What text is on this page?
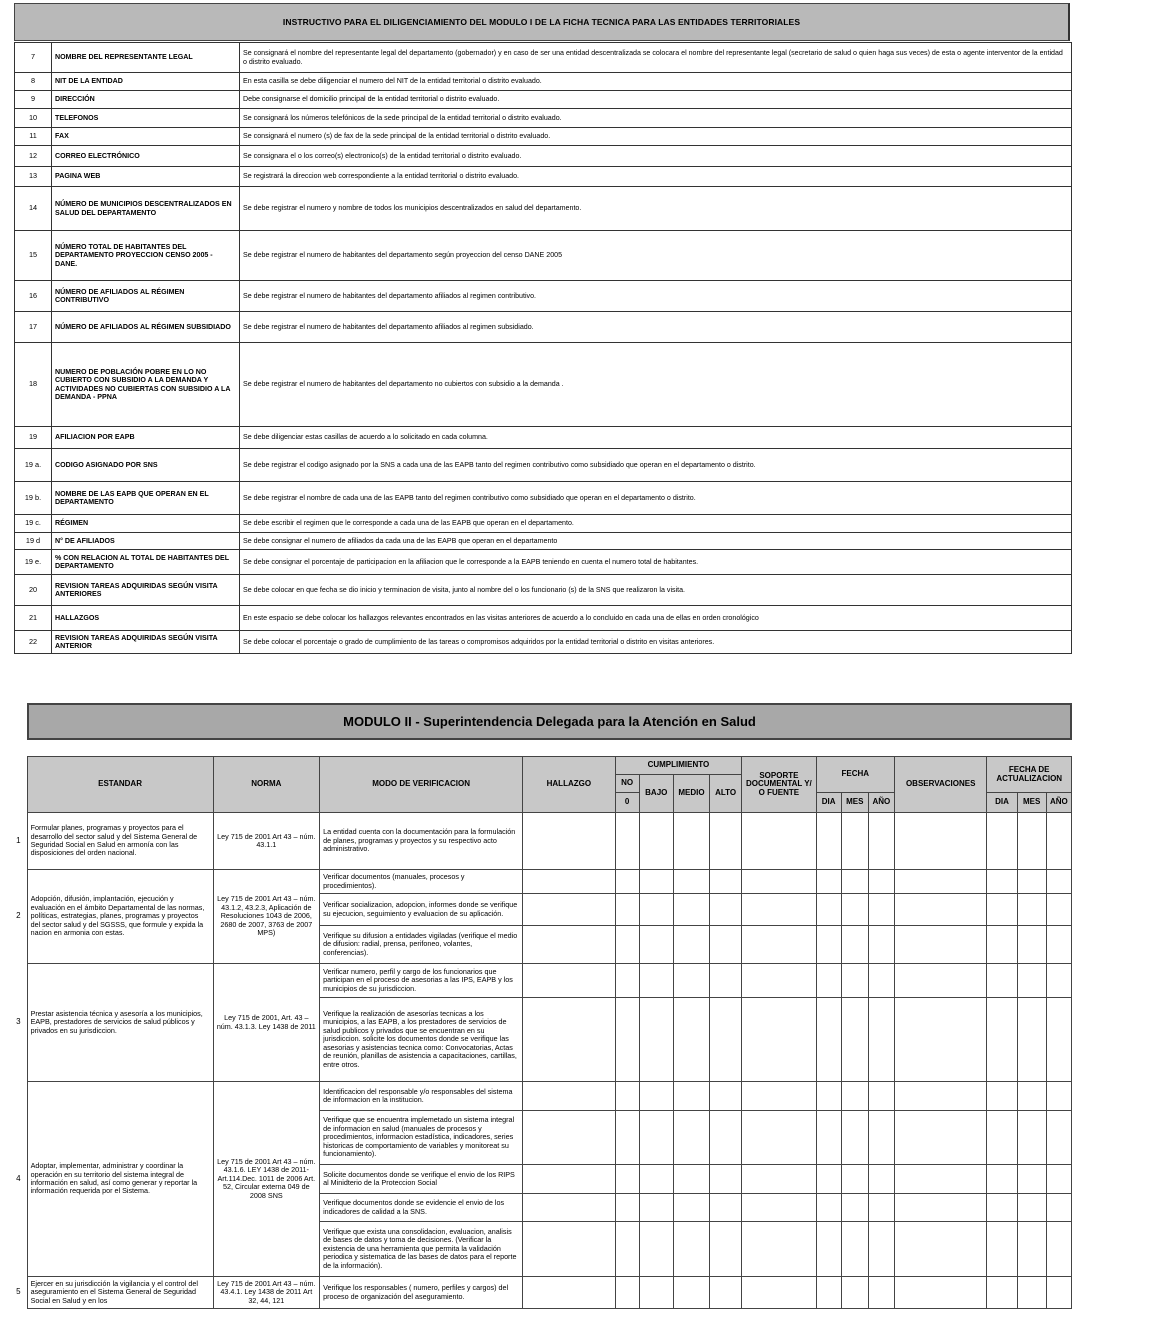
INSTRUCTIVO PARA EL DILIGENCIAMIENTO DEL MODULO I DE LA FICHA TECNICA PARA LAS ENTIDADES TERRITORIALES
7	NOMBRE DEL REPRESENTANTE LEGAL	Se consignará el nombre del representante legal del departamento (gobernador) y en caso de ser una entidad descentralizada se colocara el nombre del representante legal (secretario de salud o quien haga sus veces) de esta o agente interventor de la entidad o distrito evaluado.
8	NIT DE LA ENTIDAD	En esta casilla se debe diligenciar el numero del NIT de la entidad territorial o distrito evaluado.
9	DIRECCIÓN	Debe consignarse el domicilio principal de la entidad territorial o distrito evaluado.
10	TELEFONOS	Se consignará los números telefónicos de la sede principal de la entidad territorial o distrito evaluado.
11	FAX	Se consignará el numero (s) de fax de la sede principal de la entidad territorial o distrito evaluado.
12	CORREO ELECTRÓNICO	Se consignara el o los correo(s) electronico(s) de la entidad territorial o distrito evaluado.
13	PAGINA WEB	Se registrará la direccion web correspondiente a la entidad territorial o distrito evaluado.
14	NÚMERO DE MUNICIPIOS DESCENTRALIZADOS EN SALUD DEL DEPARTAMENTO	Se debe registrar el numero y nombre de todos los municipios descentralizados en salud del departamento.
15	NÚMERO TOTAL DE HABITANTES DEL DEPARTAMENTO PROYECCION CENSO 2005 - DANE.	Se debe registrar el numero de habitantes del departamento según proyeccion del censo DANE 2005
16	NÚMERO DE AFILIADOS AL RÉGIMEN CONTRIBUTIVO	Se debe registrar el numero de habitantes del departamento afiliados al regimen contributivo.
17	NÚMERO DE AFILIADOS AL RÉGIMEN SUBSIDIADO	Se debe registrar el numero de habitantes del departamento afiliados al regimen subsidiado.
18	NUMERO DE POBLACIÓN POBRE EN LO NO CUBIERTO CON SUBSIDIO A LA DEMANDA Y ACTIVIDADES NO CUBIERTAS CON SUBSIDIO A LA DEMANDA - PPNA	Se debe registrar el numero de habitantes del departamento no cubiertos con subsidio a la demanda .
19	AFILIACION POR EAPB	Se debe diligenciar estas casillas de acuerdo a lo solicitado en cada columna.
19 a.	CODIGO ASIGNADO POR SNS	Se debe registrar el codigo asignado por la SNS a cada una de las EAPB tanto del regimen contributivo como subsidiado que operan en el departamento o distrito.
19 b.	NOMBRE DE LAS EAPB QUE OPERAN EN EL DEPARTAMENTO	Se debe registrar el nombre de cada una de las EAPB tanto del regimen contributivo como subsidiado que operan en el departamento o distrito.
19 c.	RÉGIMEN	Se debe escribir el regimen que le corresponde a cada una de las EAPB que operan en el departamento.
19 d	N° DE AFILIADOS	Se debe consignar el numero de afiliados da cada una de las EAPB que operan en el departamento
19 e.	% CON RELACION AL TOTAL DE HABITANTES DEL DEPARTAMENTO	Se debe consignar el porcentaje de participacion en la afiliacion que le corresponde a la EAPB teniendo en cuenta el numero total de habitantes.
20	REVISION TAREAS ADQUIRIDAS SEGÚN VISITA ANTERIORES	Se debe colocar en que fecha se dio inicio y terminacion de visita, junto al nombre del o los funcionario (s) de la SNS que realizaron la visita.
21	HALLAZGOS	En este espacio se debe colocar los hallazgos relevantes encontrados en las visitas anteriores de acuerdo a lo concluido en cada una de ellas en orden cronológico
22	REVISION TAREAS ADQUIRIDAS SEGÚN VISITA ANTERIOR	Se debe colocar el porcentaje o grado de cumplimiento de las tareas o compromisos adquiridos por la entidad territorial o distrito en visitas anteriores.
MODULO II - Superintendencia Delegada para la Atención en Salud
	ESTANDAR	NORMA	MODO DE VERIFICACION	HALLAZGO	CUMPLIMIENTO				SOPORTE DOCUMENTAL Y/ O FUENTE	FECHA			OBSERVACIONES	FECHA DE ACTUALIZACION		
					NO	BAJO	MEDIO	ALTO								
					0					DIA	MES	AÑO		DIA	MES	AÑO
1	Formular planes, programas y proyectos para el desarrollo del sector salud y del Sistema General de Seguridad Social en Salud en armonía con las disposiciones del orden nacional.	Ley 715 de 2001 Art 43 – núm. 43.1.1	La entidad cuenta con la documentación para la formulación de planes, programas y proyectos y su respectivo acto administrativo.													
2	Adopción, difusión, implantación, ejecución y evaluación en el ámbito Departamental de las normas, políticas, estrategias, planes, programas y proyectos del sector salud y del SGSSS, que formule y expida la nacion en armonia con estas.	Ley 715 de 2001 Art 43 – núm. 43.1.2, 43.2.3, Aplicación de Resoluciones 1043 de 2006, 2680 de 2007, 3763 de 2007 MPS)	Verificar documentos (manuales, procesos y procedimientos).													
			Verificar socializacion, adopcion, informes donde se verifique su ejecucion, seguimiento y evaluacion de su aplicación.													
			Verifique su difusion a entidades vigiladas (verifique el medio de difusion: radial, prensa, perifoneo, volantes, conferencias).													
3	Prestar asistencia técnica y asesoría a los municipios, EAPB, prestadores de servicios de salud públicos y privados en su jurisdiccion.	Ley 715 de 2001, Art. 43 – núm. 43.1.3. Ley 1438 de 2011	Verificar numero, perfil y cargo de los funcionarios que participan en el proceso de asesorias a las IPS, EAPB y los municipios de su jurisdiccion.													
			Verifique la realización de asesorías tecnicas a los municipios, a las EAPB, a los prestadores de servicios de salud publicos y privados que se encuentran en su jurisdiccion. solicite los documentos donde se verifique las asesorias y asistencias tecnica como: Convocatorias, Actas de reunión, planillas de asistencia a capacitaciones, cartillas, entre otros.													
4	Adoptar, implementar, administrar y coordinar la operación en su territorio del sistema integral de información en salud, así como generar y reportar la información requerida por el Sistema.	Ley 715 de 2001 Art 43 – núm. 43.1.6. LEY 1438 de 2011- Art.114.Dec. 1011 de 2006 Art. 52, Circular externa 049 de 2008 SNS	Identificacion del responsable y/o responsables del sistema de informacion en la institucion.													
			Verifique que se encuentra implemetado un sistema integral de informacion en salud (manuales de procesos y procedimientos, informacion estadística, indicadores, series historicas de comportamiento de variables y monitoreat su funcionamiento).													
			Solicite documentos donde se verifique el envio de los RIPS al Minidterio de la Proteccion Social													
			Verifique documentos donde se evidencie el envio de los indicadores de calidad a la SNS.													
			Verifique que exista una consolidacion, evaluacion, analisis de bases de datos y toma de decisiones. (Verificar la existencia de una herramienta que permita la validación periodica y sistematica de las bases de datos para el reporte de la información).													
5	Ejercer en su jurisdicción la vigilancia y el control del aseguramiento en el Sistema General de Seguridad Social en Salud y en los	Ley 715 de 2001 Art 43 – núm. 43.4.1. Ley 1438 de 2011 Art 32, 44, 121	Verifique los responsables ( numero, perfiles y cargos) del proceso de organización del aseguramiento.													
